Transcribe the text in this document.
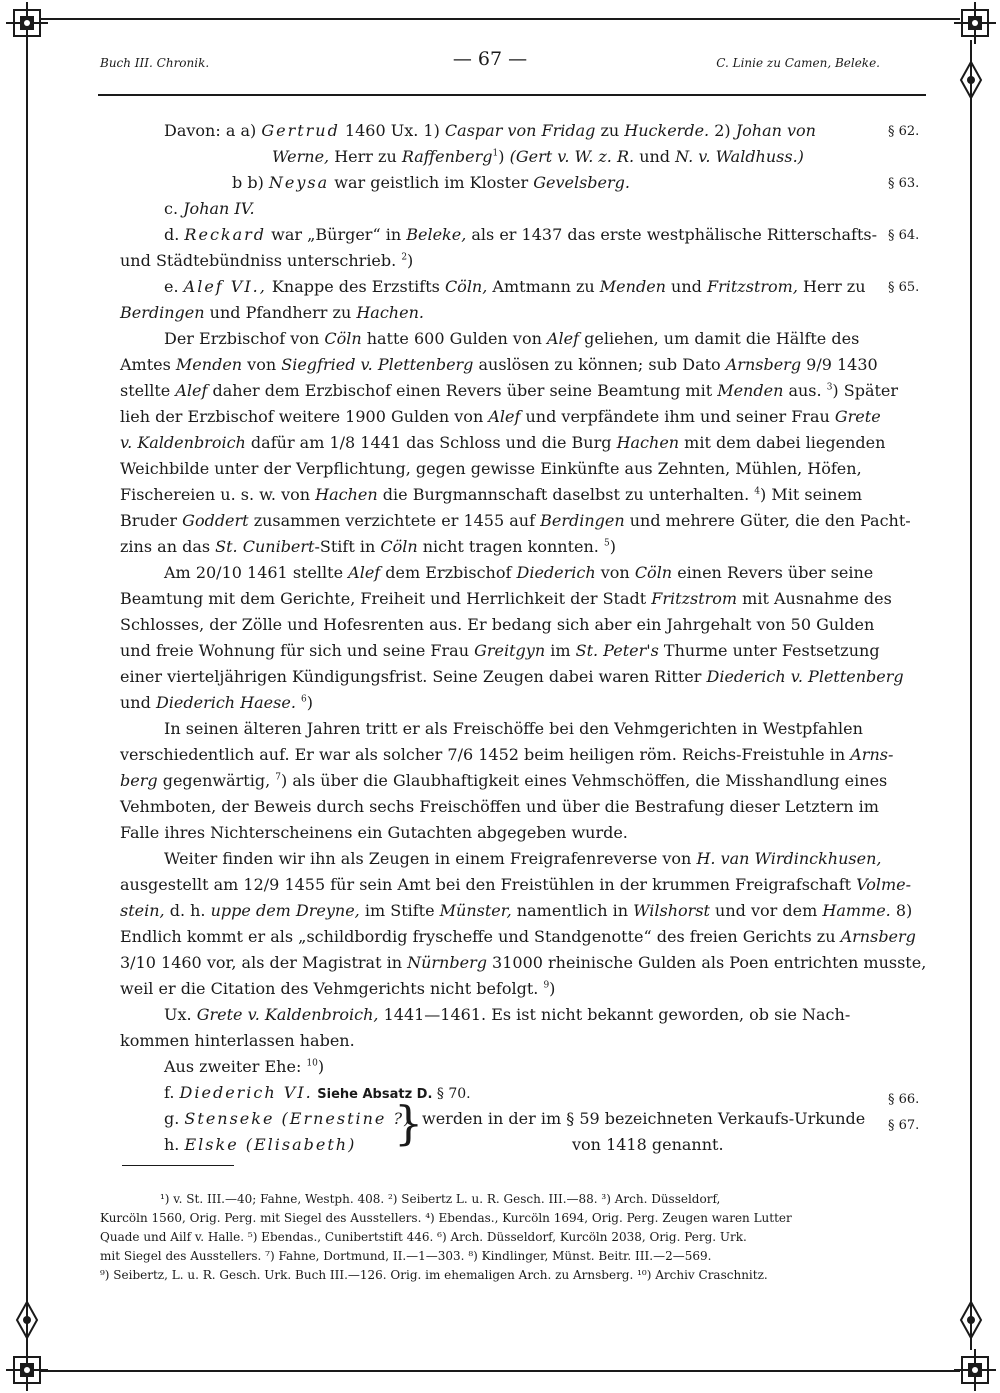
Buch III. Chronik.	— 67 —	C. Linie zu Camen, Beleke.
Davon: a a) Gertrud 1460 Ux. 1) Caspar von Fridag zu Huckerde. 2) Johan von
Werne, Herr zu Raffenberg$^1$) (Gert v. W. z. R. und N. v. Waldhuss.)
b b) Neysa war geistlich im Kloster Gevelsberg.
c. Johan IV.
d. Reckard war „Bürger“ in Beleke, als er 1437 das erste westphälische Ritterschafts-
und Städtebündniss unterschrieb. $^2$)
e. Alef VI., Knappe des Erzstifts Cöln, Amtmann zu Menden und Fritzstrom, Herr zu
Berdingen und Pfandherr zu Hachen.
Der Erzbischof von Cöln hatte 600 Gulden von Alef geliehen, um damit die Hälfte des
Amtes Menden von Siegfried v. Plettenberg auslösen zu können; sub Dato Arnsberg 9/9 1430
stellte Alef daher dem Erzbischof einen Revers über seine Beamtung mit Menden aus. $^3$) Später
lieh der Erzbischof weitere 1900 Gulden von Alef und verpfändete ihm und seiner Frau Grete
v. Kaldenbroich dafür am 1/8 1441 das Schloss und die Burg Hachen mit dem dabei liegenden
Weichbilde unter der Verpflichtung, gegen gewisse Einkünfte aus Zehnten, Mühlen, Höfen,
Fischereien u. s. w. von Hachen die Burgmannschaft daselbst zu unterhalten. $^4$) Mit seinem
Bruder Goddert zusammen verzichtete er 1455 auf Berdingen und mehrere Güter, die den Pacht-
zins an das St. Cunibert-Stift in Cöln nicht tragen konnten. $^5$)
Am 20/10 1461 stellte Alef dem Erzbischof Diederich von Cöln einen Revers über seine
Beamtung mit dem Gerichte, Freiheit und Herrlichkeit der Stadt Fritzstrom mit Ausnahme des
Schlosses, der Zölle und Hofesrenten aus. Er bedang sich aber ein Jahrgehalt von 50 Gulden
und freie Wohnung für sich und seine Frau Greitgyn im St. Peter's Thurme unter Festsetzung
einer vierteljährigen Kündigungsfrist. Seine Zeugen dabei waren Ritter Diederich v. Plettenberg
und Diederich Haese. $^6$)
In seinen älteren Jahren tritt er als Freischöffe bei den Vehmgerichten in Westpfahlen
verschiedentlich auf. Er war als solcher 7/6 1452 beim heiligen röm. Reichs-Freistuhle in Arns-
berg gegenwärtig, $^7$) als über die Glaubhaftigkeit eines Vehmschöffen, die Misshandlung eines
Vehmboten, der Beweis durch sechs Freischöffen und über die Bestrafung dieser Letztern im
Falle ihres Nichterscheinens ein Gutachten abgegeben wurde.
Weiter finden wir ihn als Zeugen in einem Freigrafenreverse von H. van Wirdinckhusen,
ausgestellt am 12/9 1455 für sein Amt bei den Freistühlen in der krummen Freigrafschaft Volme-
stein, d. h. uppe dem Dreyne, im Stifte Münster, namentlich in Wilshorst und vor dem Hamme. 8)
Endlich kommt er als „schildbordig fryscheffe und Standgenotte“ des freien Gerichts zu Arnsberg
3/10 1460 vor, als der Magistrat in Nürnberg 31000 rheinische Gulden als Poen entrichten musste,
weil er die Citation des Vehmgerichts nicht befolgt. $^9$)
Ux. Grete v. Kaldenbroich, 1441—1461. Es ist nicht bekannt geworden, ob sie Nach-
kommen hinterlassen haben.
Aus zweiter Ehe: $^{10}$)
f. Diederich VI. Siehe Absatz D. § 70.
g. Stenseke (Ernestine ?) werden in der im § 59 bezeichneten Verkaufs-Urkunde
h. Elske (Elisabeth)	von 1418 genannt.
}
§ 62.
§ 63.
§ 64.
§ 65.
§ 66.
§ 67.
¹) v. St. III.—40; Fahne, Westph. 408. ²) Seibertz L. u. R. Gesch. III.—88. ³) Arch. Düsseldorf,
Kurcöln 1560, Orig. Perg. mit Siegel des Ausstellers. ⁴) Ebendas., Kurcöln 1694, Orig. Perg. Zeugen waren Lutter
Quade und Ailf v. Halle. ⁵) Ebendas., Cunibertstift 446. ⁶) Arch. Düsseldorf, Kurcöln 2038, Orig. Perg. Urk.
mit Siegel des Ausstellers. ⁷) Fahne, Dortmund, II.—1—303. ⁸) Kindlinger, Münst. Beitr. III.—2—569.
⁹) Seibertz, L. u. R. Gesch. Urk. Buch III.—126. Orig. im ehemaligen Arch. zu Arnsberg. ¹⁰) Archiv Craschnitz.
